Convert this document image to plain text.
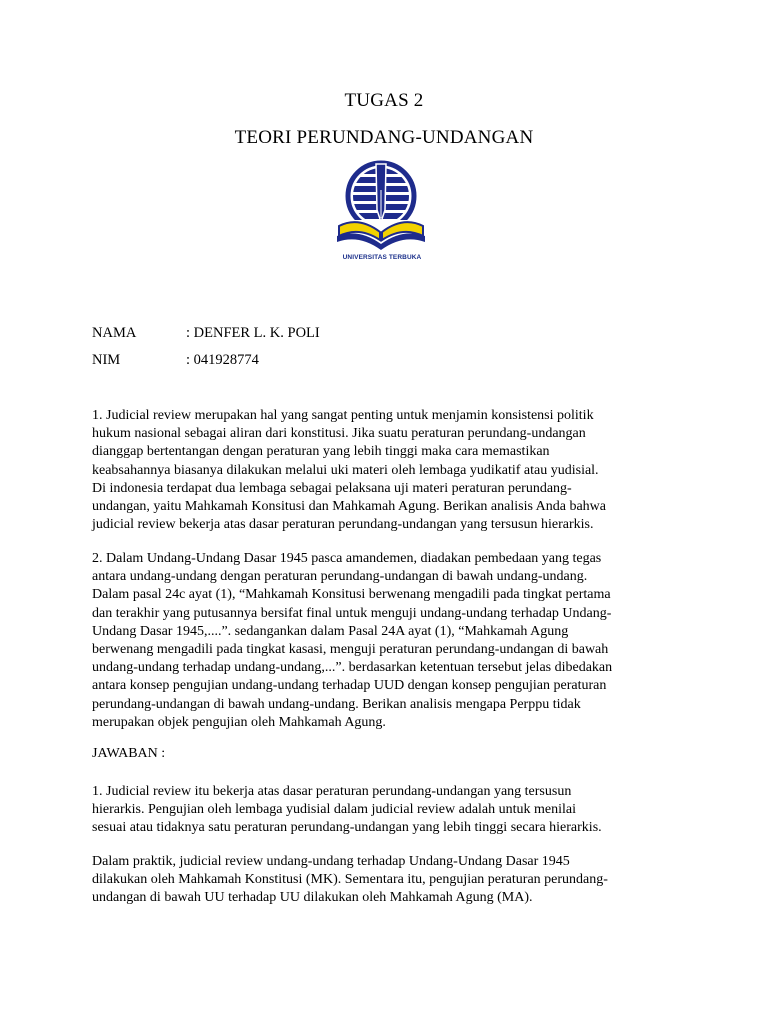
TUGAS 2
TEORI PERUNDANG-UNDANGAN
UNIVERSITAS TERBUKA
NAMA	: DENFER L. K. POLI
NIM	: 041928774
1. Judicial review merupakan hal yang sangat penting untuk menjamin konsistensi politik
hukum nasional sebagai aliran dari konstitusi. Jika suatu peraturan perundang-undangan
dianggap bertentangan dengan peraturan yang lebih tinggi maka cara memastikan
keabsahannya biasanya dilakukan melalui uki materi oleh lembaga yudikatif atau yudisial.
Di indonesia terdapat dua lembaga sebagai pelaksana uji materi peraturan perundang-
undangan, yaitu Mahkamah Konsitusi dan Mahkamah Agung. Berikan analisis Anda bahwa
judicial review bekerja atas dasar peraturan perundang-undangan yang tersusun hierarkis.
2. Dalam Undang-Undang Dasar 1945 pasca amandemen, diadakan pembedaan yang tegas
antara undang-undang dengan peraturan perundang-undangan di bawah undang-undang.
Dalam pasal 24c ayat (1), “Mahkamah Konsitusi berwenang mengadili pada tingkat pertama
dan terakhir yang putusannya bersifat final untuk menguji undang-undang terhadap Undang-
Undang Dasar 1945,....”. sedangankan dalam Pasal 24A ayat (1), “Mahkamah Agung
berwenang mengadili pada tingkat kasasi, menguji peraturan perundang-undangan di bawah
undang-undang terhadap undang-undang,...”. berdasarkan ketentuan tersebut jelas dibedakan
antara konsep pengujian undang-undang terhadap UUD dengan konsep pengujian peraturan
perundang-undangan di bawah undang-undang. Berikan analisis mengapa Perppu tidak
merupakan objek pengujian oleh Mahkamah Agung.
JAWABAN :
1. Judicial review itu bekerja atas dasar peraturan perundang-undangan yang tersusun
hierarkis. Pengujian oleh lembaga yudisial dalam judicial review adalah untuk menilai
sesuai atau tidaknya satu peraturan perundang-undangan yang lebih tinggi secara hierarkis.
Dalam praktik, judicial review undang-undang terhadap Undang-Undang Dasar 1945
dilakukan oleh Mahkamah Konstitusi (MK). Sementara itu, pengujian peraturan perundang-
undangan di bawah UU terhadap UU dilakukan oleh Mahkamah Agung (MA).
